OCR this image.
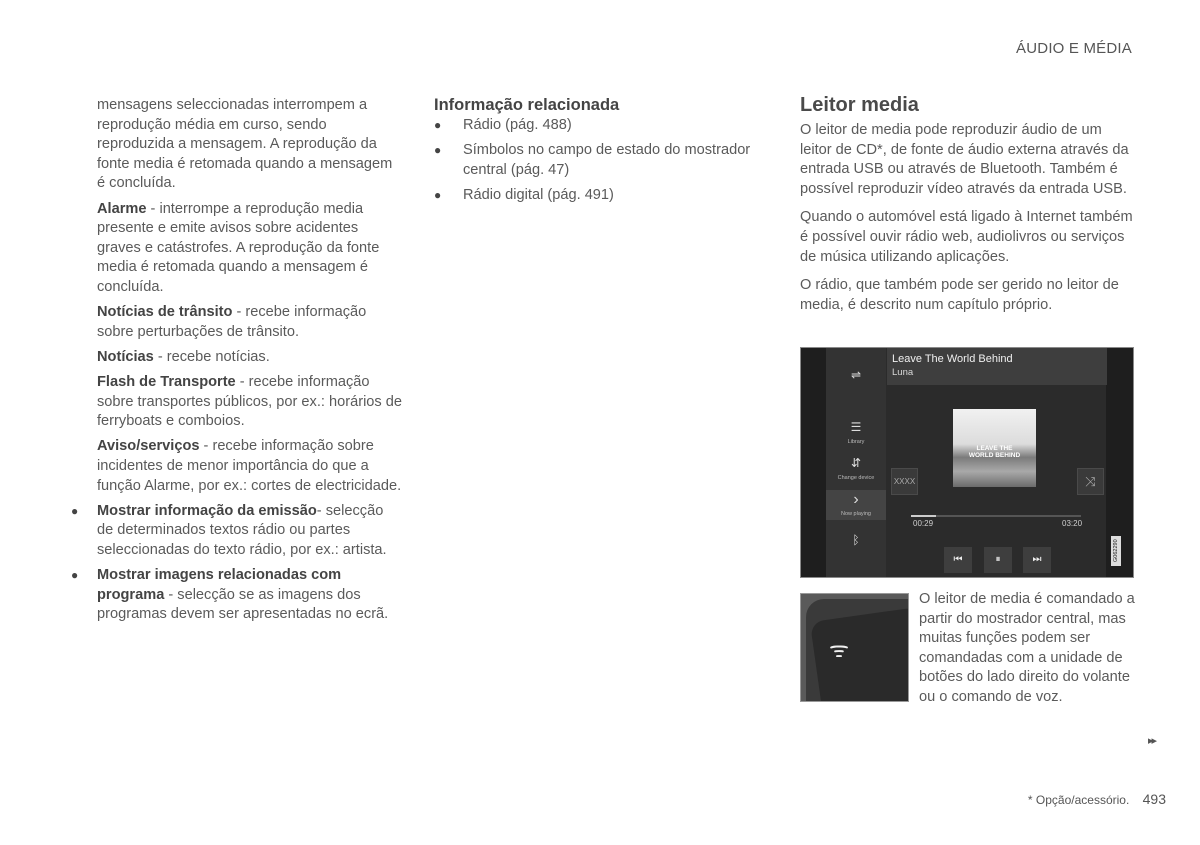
ÁUDIO E MÉDIA

mensagens seleccionadas interrompem a reprodução média em curso, sendo reproduzida a mensagem. A reprodução da fonte media é retomada quando a mensagem é concluída.

Alarme - interrompe a reprodução media presente e emite avisos sobre acidentes graves e catástrofes. A reprodução da fonte media é retomada quando a mensagem é concluída.

Notícias de trânsito - recebe informação sobre perturbações de trânsito.

Notícias - recebe notícias.

Flash de Transporte - recebe informação sobre transportes públicos, por ex.: horários de ferryboats e comboios.

Aviso/serviços - recebe informação sobre incidentes de menor importância do que a função Alarme, por ex.: cortes de electricidade.

● Mostrar informação da emissão- selecção de determinados textos rádio ou partes seleccionadas do texto rádio, por ex.: artista.
● Mostrar imagens relacionadas com programa - selecção se as imagens dos programas devem ser apresentadas no ecrã.
Informação relacionada
● Rádio (pág. 488)
● Símbolos no campo de estado do mostrador central (pág. 47)
● Rádio digital (pág. 491)
Leitor media

O leitor de media pode reproduzir áudio de um leitor de CD*, de fonte de áudio externa através da entrada USB ou através de Bluetooth. Também é possível reproduzir vídeo através da entrada USB.

Quando o automóvel está ligado à Internet também é possível ouvir rádio web, audiolivros ou serviços de música utilizando aplicações.

O rádio, que também pode ser gerido no leitor de media, é descrito num capítulo próprio.

⇌
☰
Library
⇵
Change device
›
Now playing
ᛒ
Leave The World Behind
Luna
LEAVE THE
WORLD BEHIND
XXXX	⤨
00:29	03:20
⏮	⏸	⏭	G062290
ᯤ
O leitor de media é comandado a partir do mostrador central, mas muitas funções podem ser comandadas com a unidade de botões do lado direito do volante ou o comando de voz.
▸▸
* Opção/acessório. 493
